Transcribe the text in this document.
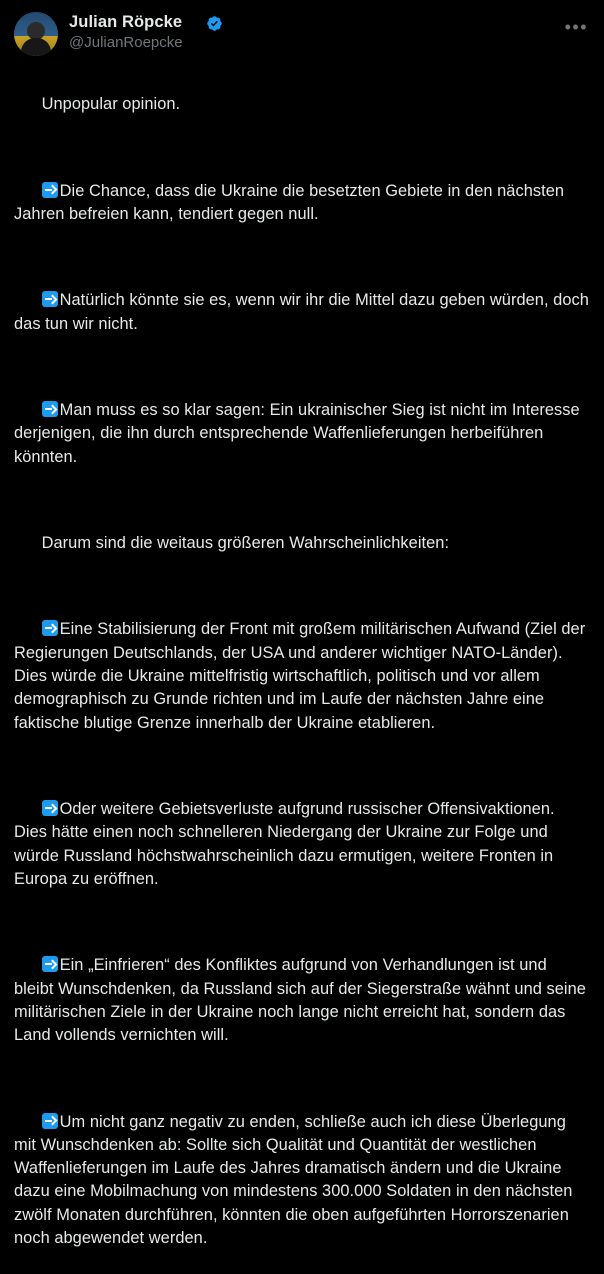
Julian Röpcke
@JulianRoepcke
•••

Unpopular opinion.

Die Chance, dass die Ukraine die besetzten Gebiete in den nächsten Jahren befreien kann, tendiert gegen null.

Natürlich könnte sie es, wenn wir ihr die Mittel dazu geben würden, doch das tun wir nicht.

Man muss es so klar sagen: Ein ukrainischer Sieg ist nicht im Interesse derjenigen, die ihn durch entsprechende Waffenlieferungen herbeiführen könnten.

Darum sind die weitaus größeren Wahrscheinlichkeiten:

Eine Stabilisierung der Front mit großem militärischen Aufwand (Ziel der Regierungen Deutschlands, der USA und anderer wichtiger NATO-Länder). Dies würde die Ukraine mittelfristig wirtschaftlich, politisch und vor allem demographisch zu Grunde richten und im Laufe der nächsten Jahre eine faktische blutige Grenze innerhalb der Ukraine etablieren.

Oder weitere Gebietsverluste aufgrund russischer Offensivaktionen. Dies hätte einen noch schnelleren Niedergang der Ukraine zur Folge und würde Russland höchstwahrscheinlich dazu ermutigen, weitere Fronten in Europa zu eröffnen.

Ein „Einfrieren“ des Konfliktes aufgrund von Verhandlungen ist und bleibt Wunschdenken, da Russland sich auf der Siegerstraße wähnt und seine militärischen Ziele in der Ukraine noch lange nicht erreicht hat, sondern das Land vollends vernichten will.

Um nicht ganz negativ zu enden, schließe auch ich diese Überlegung mit Wunschdenken ab: Sollte sich Qualität und Quantität der westlichen Waffenlieferungen im Laufe des Jahres dramatisch ändern und die Ukraine dazu eine Mobilmachung von mindestens 300.000 Soldaten in den nächsten zwölf Monaten durchführen, könnten die oben aufgeführten Horrorszenarien noch abgewendet werden.
